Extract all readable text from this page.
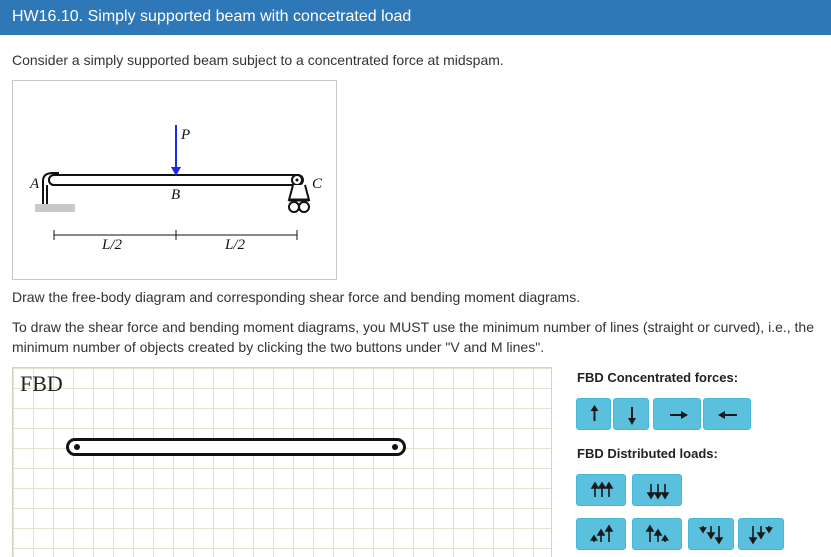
HW16.10. Simply supported beam with concetrated load
Consider a simply supported beam subject to a concentrated force at midspam.
A
P
B
C
L/2	L/2
Draw the free-body diagram and corresponding shear force and bending moment diagrams.
To draw the shear force and bending moment diagrams, you MUST use the minimum number of lines (straight or curved), i.e., the minimum number of objects created by clicking the two buttons under "V and M lines".
FBD	FBD Concentrated forces:
FBD Distributed loads:
